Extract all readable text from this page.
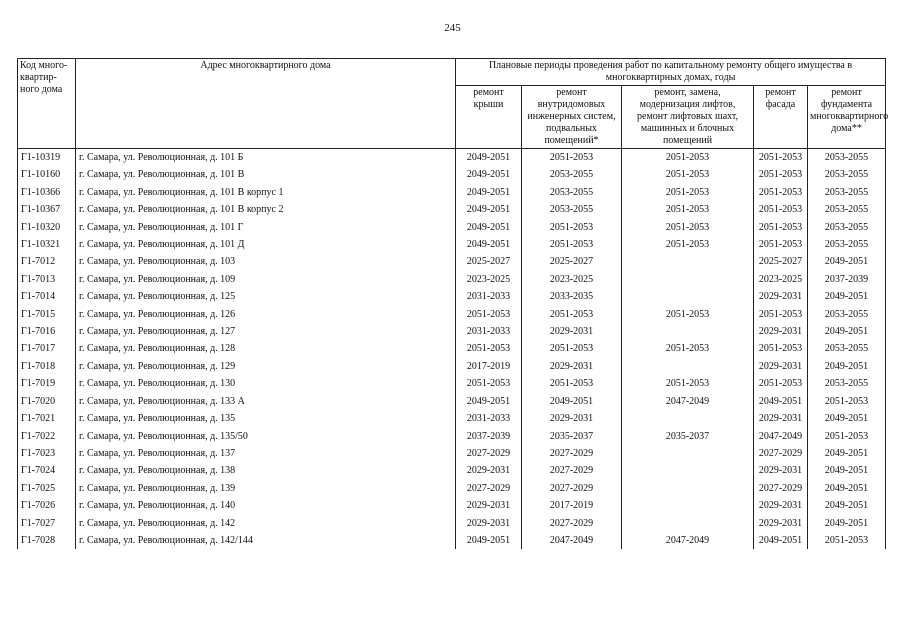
245
Код много-квартир-ного дома	Адрес многоквартирного дома	Плановые периоды проведения работ по капитальному ремонту общего имущества в многоквартирных домах, годы				
		ремонт крыши	ремонт внутридомовых инженерных систем, подвальных помещений*	ремонт, замена, модернизация лифтов, ремонт лифтовых шахт, машинных и блочных помещений	ремонт фасада	ремонт фундамента многоквартирного дома**
Г1-10319	г. Самара, ул. Революционная, д. 101 Б	2049-2051	2051-2053	2051-2053	2051-2053	2053-2055
Г1-10160	г. Самара, ул. Революционная, д. 101 В	2049-2051	2053-2055	2051-2053	2051-2053	2053-2055
Г1-10366	г. Самара, ул. Революционная, д. 101 В корпус 1	2049-2051	2053-2055	2051-2053	2051-2053	2053-2055
Г1-10367	г. Самара, ул. Революционная, д. 101 В корпус 2	2049-2051	2053-2055	2051-2053	2051-2053	2053-2055
Г1-10320	г. Самара, ул. Революционная, д. 101 Г	2049-2051	2051-2053	2051-2053	2051-2053	2053-2055
Г1-10321	г. Самара, ул. Революционная, д. 101 Д	2049-2051	2051-2053	2051-2053	2051-2053	2053-2055
Г1-7012	г. Самара, ул. Революционная, д. 103	2025-2027	2025-2027		2025-2027	2049-2051
Г1-7013	г. Самара, ул. Революционная, д. 109	2023-2025	2023-2025		2023-2025	2037-2039
Г1-7014	г. Самара, ул. Революционная, д. 125	2031-2033	2033-2035		2029-2031	2049-2051
Г1-7015	г. Самара, ул. Революционная, д. 126	2051-2053	2051-2053	2051-2053	2051-2053	2053-2055
Г1-7016	г. Самара, ул. Революционная, д. 127	2031-2033	2029-2031		2029-2031	2049-2051
Г1-7017	г. Самара, ул. Революционная, д. 128	2051-2053	2051-2053	2051-2053	2051-2053	2053-2055
Г1-7018	г. Самара, ул. Революционная, д. 129	2017-2019	2029-2031		2029-2031	2049-2051
Г1-7019	г. Самара, ул. Революционная, д. 130	2051-2053	2051-2053	2051-2053	2051-2053	2053-2055
Г1-7020	г. Самара, ул. Революционная, д. 133 А	2049-2051	2049-2051	2047-2049	2049-2051	2051-2053
Г1-7021	г. Самара, ул. Революционная, д. 135	2031-2033	2029-2031		2029-2031	2049-2051
Г1-7022	г. Самара, ул. Революционная, д. 135/50	2037-2039	2035-2037	2035-2037	2047-2049	2051-2053
Г1-7023	г. Самара, ул. Революционная, д. 137	2027-2029	2027-2029		2027-2029	2049-2051
Г1-7024	г. Самара, ул. Революционная, д. 138	2029-2031	2027-2029		2029-2031	2049-2051
Г1-7025	г. Самара, ул. Революционная, д. 139	2027-2029	2027-2029		2027-2029	2049-2051
Г1-7026	г. Самара, ул. Революционная, д. 140	2029-2031	2017-2019		2029-2031	2049-2051
Г1-7027	г. Самара, ул. Революционная, д. 142	2029-2031	2027-2029		2029-2031	2049-2051
Г1-7028	г. Самара, ул. Революционная, д. 142/144	2049-2051	2047-2049	2047-2049	2049-2051	2051-2053
